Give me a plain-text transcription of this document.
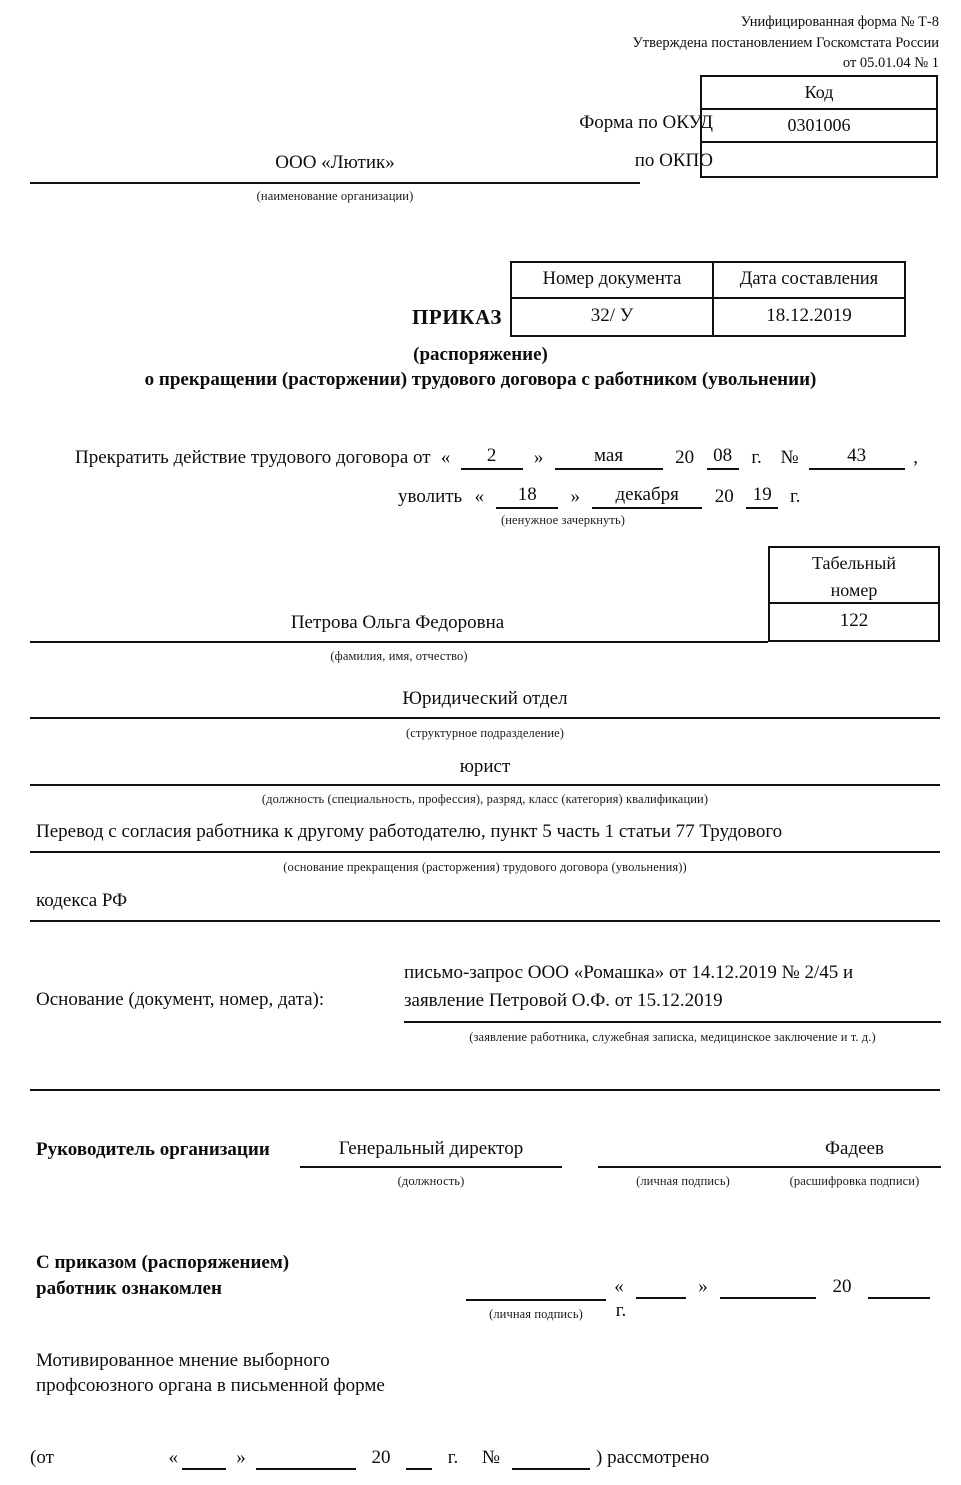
Унифицированная форма № Т-8
Утверждена постановлением Госкомстата России
от 05.01.04 № 1
Код
0301006
Форма по ОКУД
по ОКПО
ООО «Лютик»
(наименование организации)
Номер документа	Дата составления
32/ У	18.12.2019
ПРИКАЗ
(распоряжение)
о прекращении (расторжении) трудового договора с работником (увольнении)
Прекратить действие трудового договора от « 2 »	мая	20 08 г. №	43 ,
уволить « 18 » декабря 20 19 г.
(ненужное зачеркнуть)
Табельный
номер
122
Петрова Ольга Федоровна
(фамилия, имя, отчество)
Юридический отдел
(структурное подразделение)
юрист
(должность (специальность, профессия), разряд, класс (категория) квалификации)
Перевод с согласия работника к другому работодателю, пункт 5 часть 1 статьи 77 Трудового
(основание прекращения (расторжения) трудового договора (увольнения))
кодекса РФ
Основание (документ, номер, дата):
письмо-запрос ООО «Ромашка» от 14.12.2019 № 2/45 и
заявление Петровой О.Ф. от 15.12.2019
(заявление работника, служебная записка, медицинское заключение и т. д.)
Руководитель организации	Генеральный директор
(должность)	(личная подпись)
Фадеев
(расшифровка подписи)
С приказом (распоряжением)
работник ознакомлен
(личная подпись)
«	»	20  г.
Мотивированное мнение выборного
профсоюзного органа в письменной форме
(от	«	»	20	г. №	) рассмотрено
